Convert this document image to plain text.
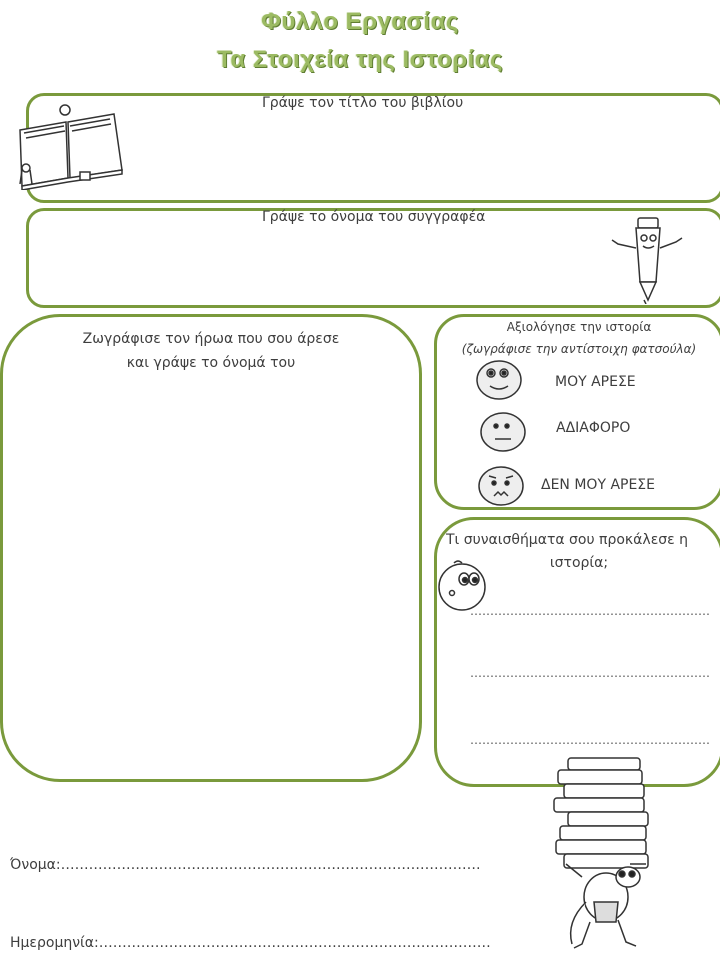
Φύλλο Εργασίας
Τα Στοιχεία της Ιστορίας
Γράψε τον τίτλο του βιβλίου
Γράψε το όνομα του συγγραφέα
Ζωγράφισε τον ήρωα που σου άρεσε
και γράψε το όνομά του
Αξιολόγησε την ιστορία
(ζωγράφισε την αντίστοιχη φατσούλα)
ΜΟΥ ΑΡΕΣΕ
ΑΔΙΑΦΟΡΟ
ΔΕΝ ΜΟΥ ΑΡΕΣΕ
Τι συναισθήματα σου προκάλεσε η
ιστορία;
……………………………………………………
……………………………………………………
……………………………………………………
Όνομα:………………………………………………………………………………
Ημερομηνία:…………………………………………………………………………
